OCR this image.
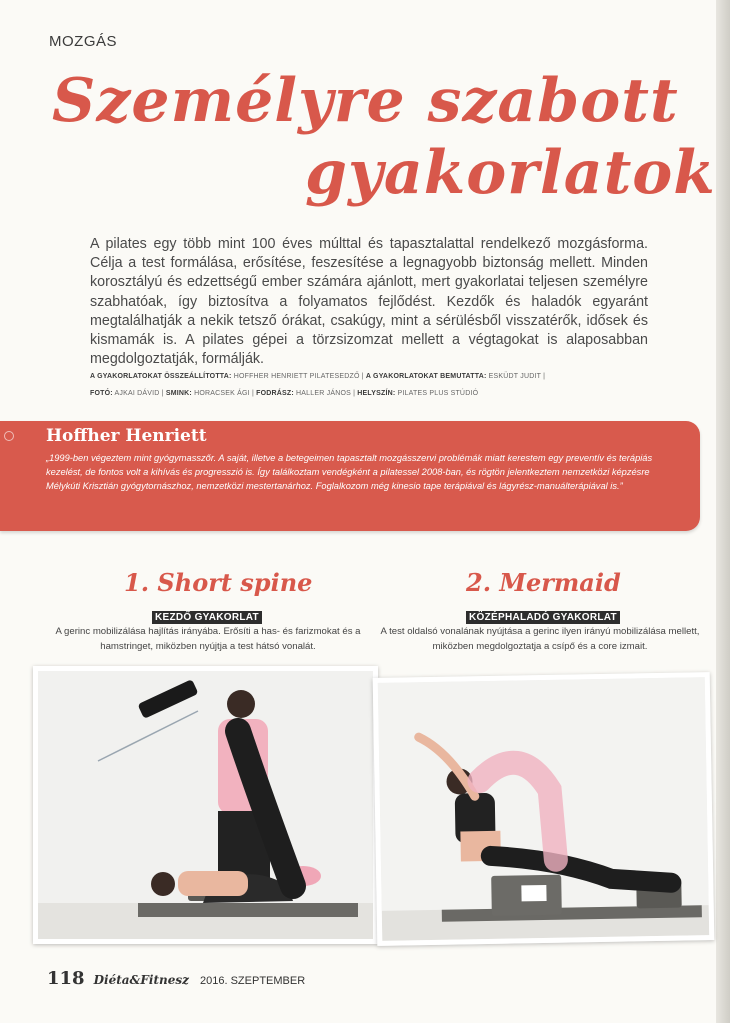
MOZGÁS
Személyre szabott
gyakorlatok
A pilates egy több mint 100 éves múlttal és tapasztalattal rendelkező mozgásforma. Célja a test formálása, erősítése, feszesítése a legnagyobb biztonság mellett. Minden korosztályú és edzettségű ember számára ajánlott, mert gyakorlatai teljesen személyre szabhatóak, így biztosítva a folyamatos fejlődést. Kezdők és haladók egyaránt megtalálhatják a nekik tetsző órákat, csakúgy, mint a sérülésből visszatérők, idősek és kismamák is. A pilates gépei a törzsizomzat mellett a végtagokat is alaposabban megdolgoztatják, formálják.
A GYAKORLATOKAT ÖSSZEÁLLÍTOTTA: HOFFHER HENRIETT PILATESEDZŐ | A GYAKORLATOKAT BEMUTATTA: ESKÜDT JUDIT |
FOTÓ: AJKAI DÁVID | SMINK: HORACSEK ÁGI | FODRÁSZ: HALLER JÁNOS | HELYSZÍN: PILATES PLUS STÚDIÓ
Hoffher Henriett
„1999-ben végeztem mint gyógymasszőr. A saját, illetve a betegeimen tapasztalt mozgásszervi problémák miatt kerestem egy preventív és terápiás kezelést, de fontos volt a kihívás és progresszió is. Így találkoztam vendégként a pilatessel 2008-ban, és rögtön jelentkeztem nemzetközi képzésre Mélykúti Krisztián gyógytornászhoz, nemzetközi mestertanárhoz. Foglalkozom még kinesio tape terápiával és lágyrész-manuálterápiával is.”
1. Short spine	2. Mermaid
KEZDŐ GYAKORLAT	KÖZÉPHALADÓ GYAKORLAT
A gerinc mobilizálása hajlítás irányába. Erősíti a has- és farizmokat és a hamstringet, miközben nyújtja a test hátsó vonalát.
A test oldalsó vonalának nyújtása a gerinc ilyen irányú mobilizálása mellett, miközben megdolgoztatja a csípő és a core izmait.
118 Diéta&Fitnesz 2016. SZEPTEMBER
